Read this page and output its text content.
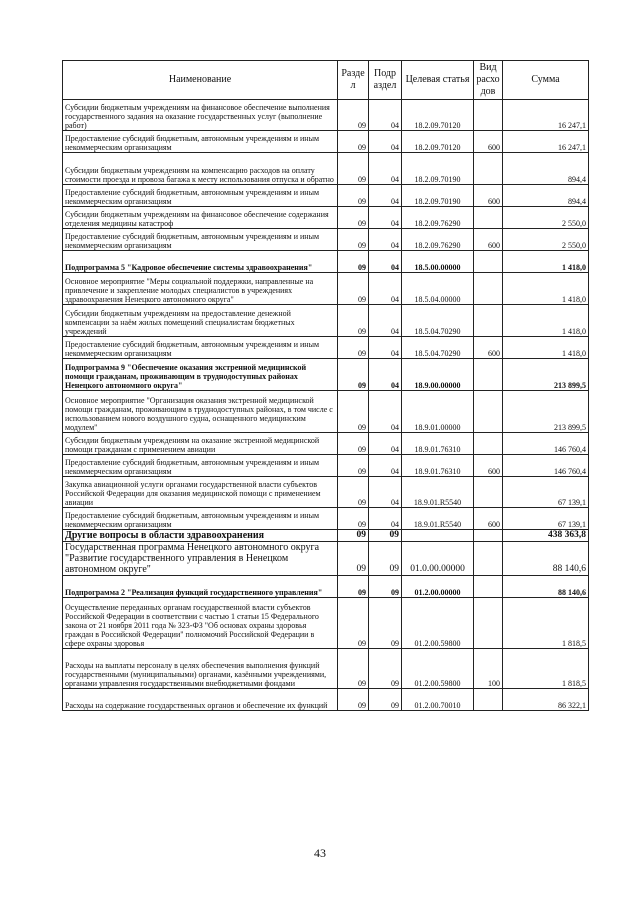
Наименование	Разде л	Подр аздел	Целевая статья	Вид расхо дов	Сумма
Субсидии бюджетным учреждениям на финансовое обеспечение выполнения государственного задания на оказание государственных услуг (выполнение работ)	09	04	18.2.09.70120		16 247,1
Предоставление субсидий бюджетным, автономным учреждениям и иным некоммерческим организациям	09	04	18.2.09.70120	600	16 247,1
Субсидии бюджетным учреждениям на компенсацию расходов на оплату стоимости проезда и провоза багажа к месту использования отпуска и обратно	09	04	18.2.09.70190		894,4
Предоставление субсидий бюджетным, автономным учреждениям и иным некоммерческим организациям	09	04	18.2.09.70190	600	894,4
Субсидии бюджетным учреждениям на финансовое обеспечение содержания отделения медицины катастроф	09	04	18.2.09.76290		2 550,0
Предоставление субсидий бюджетным, автономным учреждениям и иным некоммерческим организациям	09	04	18.2.09.76290	600	2 550,0
Подпрограмма 5 "Кадровое обеспечение системы здравоохранения"	09	04	18.5.00.00000		1 418,0
Основное мероприятие "Меры социальной поддержки, направленные на привлечение и закрепление молодых специалистов в учреждениях здравоохранения Ненецкого автономного округа"	09	04	18.5.04.00000		1 418,0
Субсидии бюджетным учреждениям на предоставление денежной компенсации за наём жилых помещений специалистам бюджетных учреждений	09	04	18.5.04.70290		1 418,0
Предоставление субсидий бюджетным, автономным учреждениям и иным некоммерческим организациям	09	04	18.5.04.70290	600	1 418,0
Подпрограмма 9 "Обеспечение оказания экстренной медицинской помощи гражданам, проживающим в труднодоступных районах Ненецкого автономного округа"	09	04	18.9.00.00000		213 899,5
Основное мероприятие "Организация оказания экстренной медицинской помощи гражданам, проживающим в труднодоступных районах, в том числе с использованием нового воздушного судна, оснащенного медицинским модулем"	09	04	18.9.01.00000		213 899,5
Субсидии бюджетным учреждениям на оказание экстренной медицинской помощи гражданам с применением авиации	09	04	18.9.01.76310		146 760,4
Предоставление субсидий бюджетным, автономным учреждениям и иным некоммерческим организациям	09	04	18.9.01.76310	600	146 760,4
Закупка авиационной услуги органами государственной власти субъектов Российской Федерации для оказания медицинской помощи с применением авиации	09	04	18.9.01.R5540		67 139,1
Предоставление субсидий бюджетным, автономным учреждениям и иным некоммерческим организациям	09	04	18.9.01.R5540	600	67 139,1
Другие вопросы в области здравоохранения	09	09			438 363,8
Государственная программа Ненецкого автономного округа "Развитие государственного управления в Ненецком автономном округе"	09	09	01.0.00.00000		88 140,6
Подпрограмма 2 "Реализация функций государственного управления"	09	09	01.2.00.00000		88 140,6
Осуществление переданных органам государственной власти субъектов Российской Федерации в соответствии с частью 1 статьи 15 Федерального закона от 21 ноября 2011 года № 323-ФЗ "Об основах охраны здоровья граждан в Российской Федерации" полномочий Российской Федерации в сфере охраны здоровья	09	09	01.2.00.59800		1 818,5
Расходы на выплаты персоналу в целях обеспечения выполнения функций государственными (муниципальными) органами, казёнными учреждениями, органами управления государственными внебюджетными фондами	09	09	01.2.00.59800	100	1 818,5
Расходы на содержание государственных органов и обеспечение их функций	09	09	01.2.00.70010		86 322,1
43
